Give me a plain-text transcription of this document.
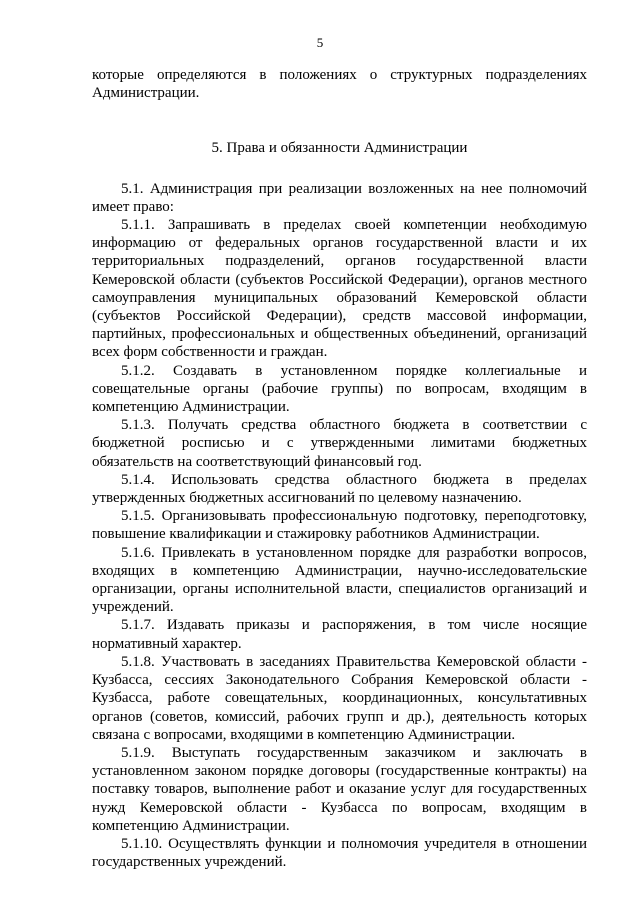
5

которые определяются в положениях о структурных подразделениях Администрации.

5. Права и обязанности Администрации

5.1. Администрация при реализации возложенных на нее полномочий имеет право:

5.1.1. Запрашивать в пределах своей компетенции необходимую информацию от федеральных органов государственной власти и их территориальных подразделений, органов государственной власти Кемеровской области (субъектов Российской Федерации), органов местного самоуправления муниципальных образований Кемеровской области (субъектов Российской Федерации), средств массовой информации, партийных, профессиональных и общественных объединений, организаций всех форм собственности и граждан.

5.1.2. Создавать в установленном порядке коллегиальные и совещательные органы (рабочие группы) по вопросам, входящим в компетенцию Администрации.

5.1.3. Получать средства областного бюджета в соответствии с бюджетной росписью и с утвержденными лимитами бюджетных обязательств на соответствующий финансовый год.

5.1.4. Использовать средства областного бюджета в пределах утвержденных бюджетных ассигнований по целевому назначению.

5.1.5. Организовывать профессиональную подготовку, переподготовку, повышение квалификации и стажировку работников Администрации.

5.1.6. Привлекать в установленном порядке для разработки вопросов, входящих в компетенцию Администрации, научно-исследовательские организации, органы исполнительной власти, специалистов организаций и учреждений.

5.1.7. Издавать приказы и распоряжения, в том числе носящие нормативный характер.

5.1.8. Участвовать в заседаниях Правительства Кемеровской области - Кузбасса, сессиях Законодательного Собрания Кемеровской области - Кузбасса, работе совещательных, координационных, консультативных органов (советов, комиссий, рабочих групп и др.), деятельность которых связана с вопросами, входящими в компетенцию Администрации.

5.1.9. Выступать государственным заказчиком и заключать в установленном законом порядке договоры (государственные контракты) на поставку товаров, выполнение работ и оказание услуг для государственных нужд Кемеровской области - Кузбасса по вопросам, входящим в компетенцию Администрации.

5.1.10. Осуществлять функции и полномочия учредителя в отношении государственных учреждений.
